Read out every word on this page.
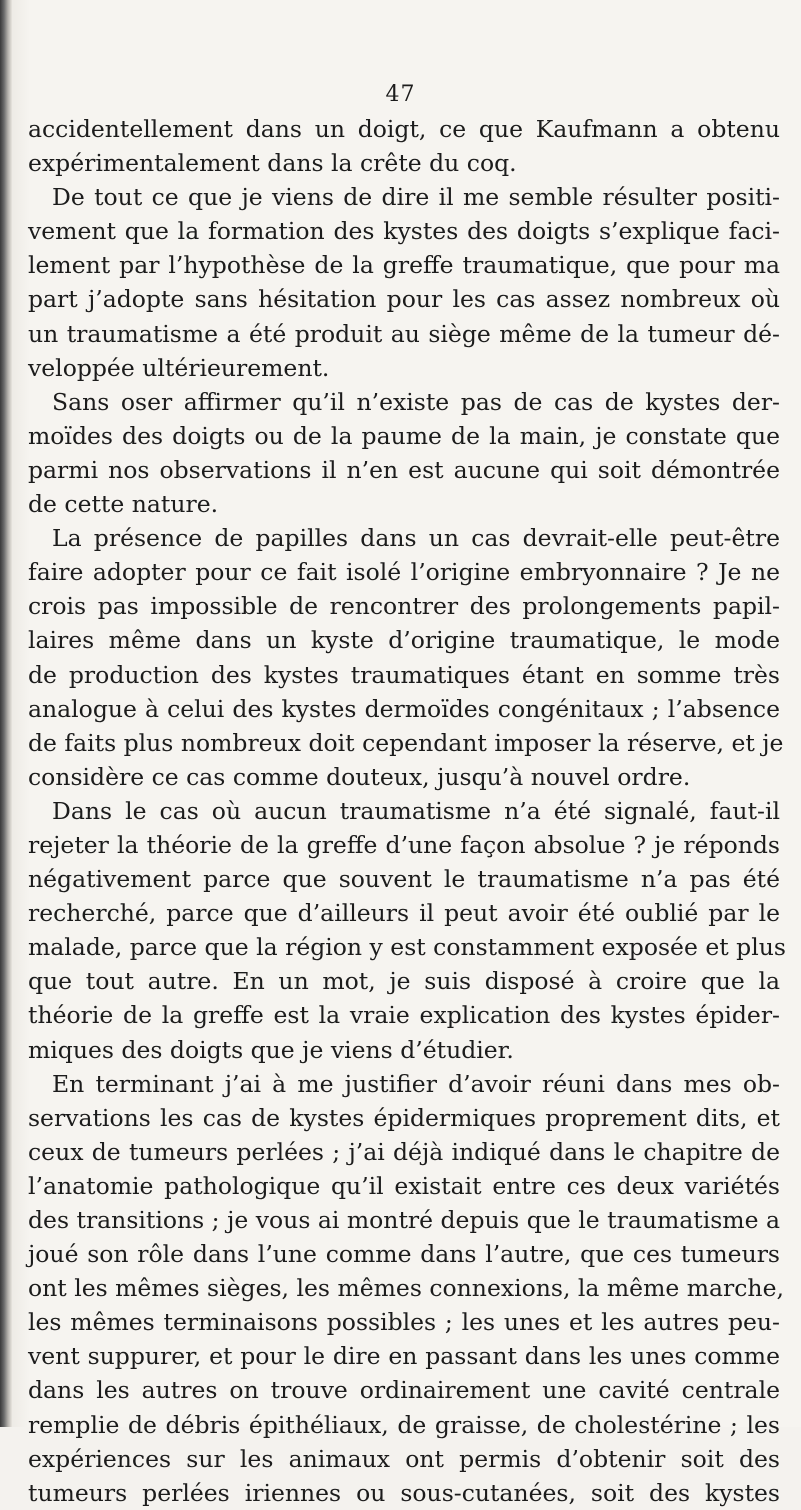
47
accidentellement dans un doigt, ce que Kaufmann a obtenu
expérimentalement dans la crête du coq.
De tout ce que je viens de dire il me semble résulter positi-
vement que la formation des kystes des doigts s’explique faci-
lement par l’hypothèse de la greffe traumatique, que pour ma
part j’adopte sans hésitation pour les cas assez nombreux où
un traumatisme a été produit au siège même de la tumeur dé-
veloppée ultérieurement.
Sans oser affirmer qu’il n’existe pas de cas de kystes der-
moïdes des doigts ou de la paume de la main, je constate que
parmi nos observations il n’en est aucune qui soit démontrée
de cette nature.
La présence de papilles dans un cas devrait-elle peut-être
faire adopter pour ce fait isolé l’origine embryonnaire ? Je ne
crois pas impossible de rencontrer des prolongements papil-
laires même dans un kyste d’origine traumatique, le mode
de production des kystes traumatiques étant en somme très
analogue à celui des kystes dermoïdes congénitaux ; l’absence
de faits plus nombreux doit cependant imposer la réserve, et je
considère ce cas comme douteux, jusqu’à nouvel ordre.
Dans le cas où aucun traumatisme n’a été signalé, faut-il
rejeter la théorie de la greffe d’une façon absolue ? je réponds
négativement parce que souvent le traumatisme n’a pas été
recherché, parce que d’ailleurs il peut avoir été oublié par le
malade, parce que la région y est constamment exposée et plus
que tout autre. En un mot, je suis disposé à croire que la
théorie de la greffe est la vraie explication des kystes épider-
miques des doigts que je viens d’étudier.
En terminant j’ai à me justifier d’avoir réuni dans mes ob-
servations les cas de kystes épidermiques proprement dits, et
ceux de tumeurs perlées ; j’ai déjà indiqué dans le chapitre de
l’anatomie pathologique qu’il existait entre ces deux variétés
des transitions ; je vous ai montré depuis que le traumatisme a
joué son rôle dans l’une comme dans l’autre, que ces tumeurs
ont les mêmes sièges, les mêmes connexions, la même marche,
les mêmes terminaisons possibles ; les unes et les autres peu-
vent suppurer, et pour le dire en passant dans les unes comme
dans les autres on trouve ordinairement une cavité centrale
remplie de débris épithéliaux, de graisse, de cholestérine ; les
expériences sur les animaux ont permis d’obtenir soit des
tumeurs perlées iriennes ou sous-cutanées, soit des kystes
